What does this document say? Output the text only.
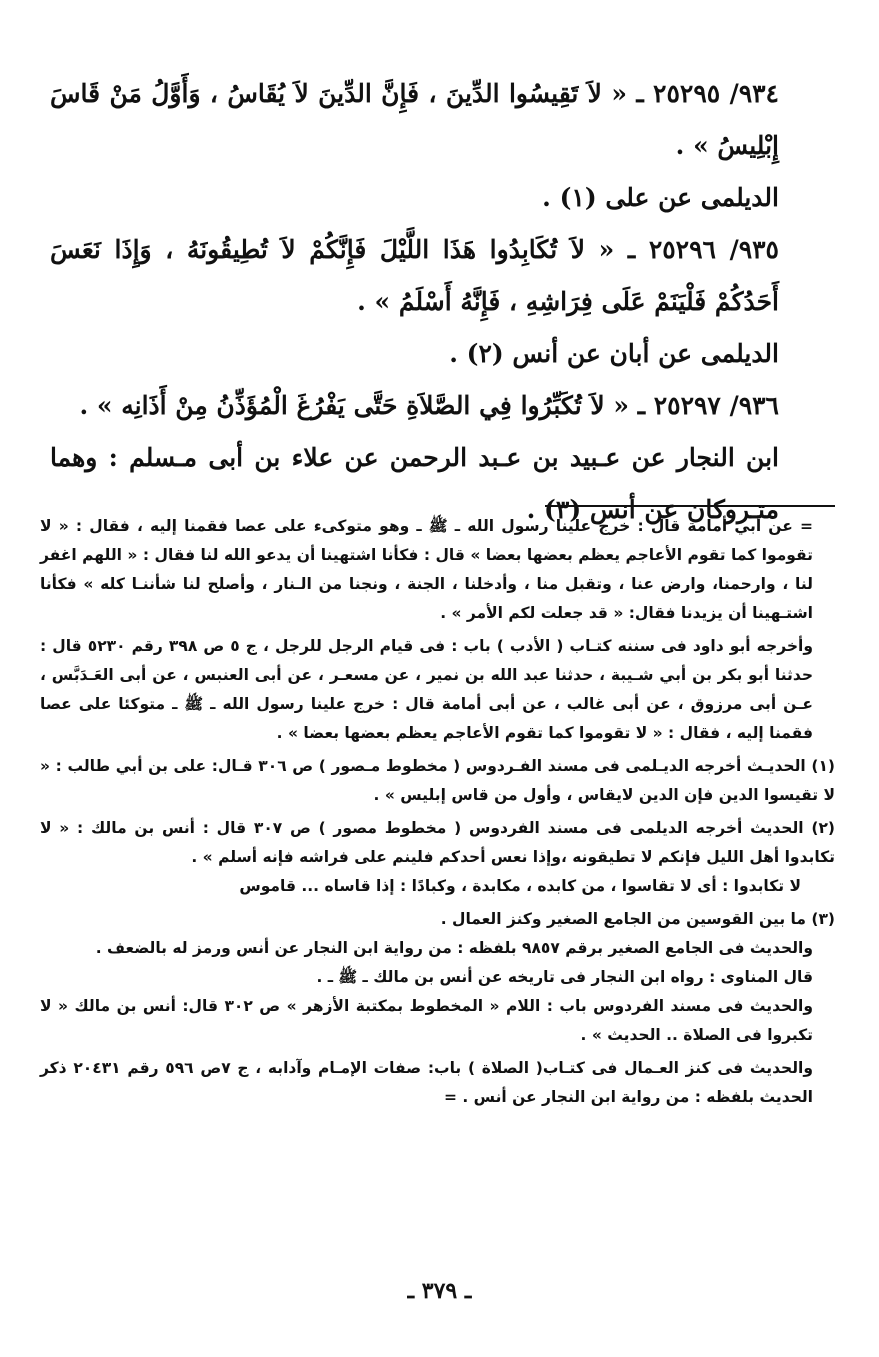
٩٣٤/ ٢٥٢٩٥ ـ « لاَ تَقِيسُوا الدِّينَ ، فَإِنَّ الدِّينَ لاَ يُقَاسُ ، وَأَوَّلُ مَنْ قَاسَ إِبْلِيسُ » .

الديلمى عن على (١) .

٩٣٥/ ٢٥٢٩٦ ـ « لاَ تُكَابِدُوا هَذَا اللَّيْلَ فَإِنَّكُمْ لاَ تُطِيقُونَهُ ، وَإِذَا نَعَسَ أَحَدُكُمْ فَلْيَنَمْ عَلَى فِرَاشِهِ ، فَإِنَّهُ أَسْلَمُ » .

الديلمى عن أبان عن أنس (٢) .

٩٣٦/ ٢٥٢٩٧ ـ « لاَ تُكَبِّرُوا فِي الصَّلاَةِ حَتَّى يَفْرُغَ الْمُؤَذِّنُ مِنْ أَذَانِه » .

ابن النجار عن عـبيد بن عـبد الرحمن عن علاء بن أبى مـسلم : وهما متـروكان عن أنس (٣) .

= عن أبي أمامة قال : خرج علينا رسول الله ـ ﷺ ـ وهو متوكىء على عصا فقمنا إليه ، فقال : « لا تقوموا كما تقوم الأعاجم يعظم بعضها بعضا » قال : فكأنا اشتهينا أن يدعو الله لنا فقال : « اللهم اغفر لنا ، وارحمنا، وارض عنا ، وتقبل منا ، وأدخلنا ، الجنة ، ونجنا من الـنار ، وأصلح لنا شأننـا كله » فكأنا اشتـهينا أن يزيدنا فقال: « قد جعلت لكم الأمر » .

وأخرجه أبو داود فى سننه كتـاب ( الأدب ) باب : فى قيام الرجل للرجل ، ج ٥ ص ٣٩٨ رقم ٥٢٣٠ قال : حدثنا أبو بكر بن أبي شـيبة ، حدثنا عبد الله بن نمير ، عن مسعـر ، عن أبى العنبس ، عن أبى العَـدَبَّس ، عـن أبى مرزوق ، عن أبى غالب ، عن أبى أمامة قال : خرج علينا رسول الله ـ ﷺ ـ متوكئا على عصا فقمنا إليه ، فقال : « لا تقوموا كما تقوم الأعاجم يعظم بعضها بعضا » .

(١) الحديـث أخرجه الديـلمى فى مسند الفـردوس ( مخطوط مـصور ) ص ٣٠٦ قـال: على بن أبي طالب : « لا تقيسوا الدين فإن الدين لايقاس ، وأول من قاس إبليس » .

(٢) الحديث أخرجه الديلمى فى مسند الفردوس ( مخطوط مصور ) ص ٣٠٧ قال : أنس بن مالك : « لا تكابدوا أهل الليل فإنكم لا تطيقونه ،وإذا نعس أحدكم فلينم على فراشه فإنه أسلم » .

لا تكابدوا : أى لا تقاسوا ، من كابده ، مكابدة ، وكبادًا : إذا قاساه ... قاموس

(٣) ما بين القوسين من الجامع الصغير وكنز العمال .

والحديث فى الجامع الصغير برقم ٩٨٥٧ بلفظه : من رواية ابن النجار عن أنس ورمز له بالضعف .

قال المناوى : رواه ابن النجار فى تاريخه عن أنس بن مالك ـ ﷺ ـ .

والحديث فى مسند الفردوس باب : اللام « المخطوط بمكتبة الأزهر » ص ٣٠٢ قال: أنس بن مالك « لا تكبروا فى الصلاة .. الحديث » .

والحديث فى كنز العـمال فى كتـاب( الصلاة ) باب: صفات الإمـام وآدابه ، ج ٧ص ٥٩٦ رقم ٢٠٤٣١ ذكر الحديث بلفظه : من رواية ابن النجار عن أنس . =

ـ ٣٧٩ ـ
